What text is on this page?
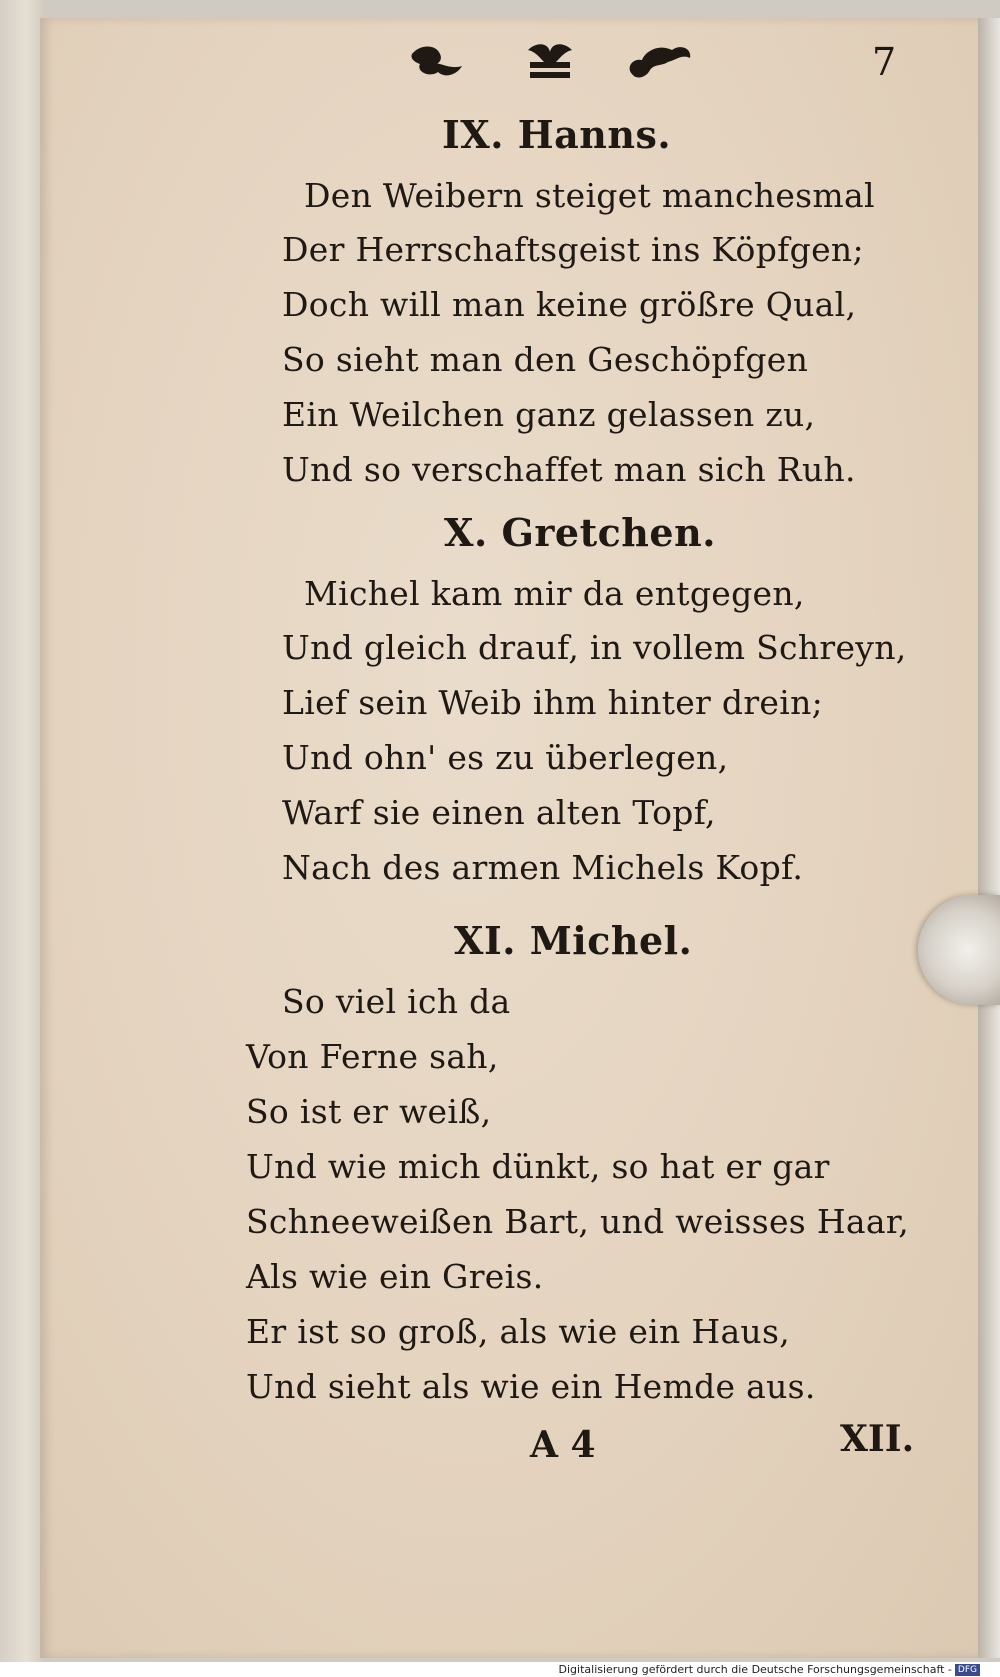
7
IX. Hanns.
Den Weibern steiget manchesmal
Der Herrschaftsgeist ins Köpfgen;
Doch will man keine größre Qual,
So sieht man den Geschöpfgen
Ein Weilchen ganz gelassen zu,
Und so verschaffet man sich Ruh.
X. Gretchen.
Michel kam mir da entgegen,
Und gleich drauf, in vollem Schreyn,
Lief sein Weib ihm hinter drein;
Und ohn' es zu überlegen,
Warf sie einen alten Topf,
Nach des armen Michels Kopf.
XI. Michel.
So viel ich da
Von Ferne sah,
So ist er weiß,
Und wie mich dünkt, so hat er gar
Schneeweißen Bart, und weisses Haar,
Als wie ein Greis.
Er ist so groß, als wie ein Haus,
Und sieht als wie ein Hemde aus.
A 4	XII.
Digitalisierung gefördert durch die Deutsche Forschungsgemeinschaft - DFG
